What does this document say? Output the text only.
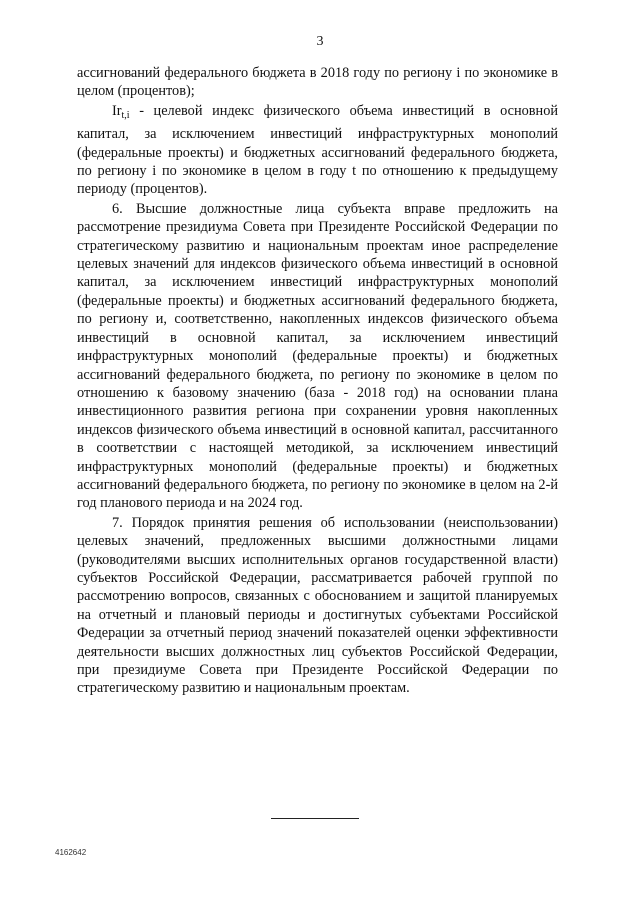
3

ассигнований федерального бюджета в 2018 году по региону i по экономике в целом (процентов);

$Ir_{t,i}$ - целевой индекс физического объема инвестиций в основной капитал, за исключением инвестиций инфраструктурных монополий (федеральные проекты) и бюджетных ассигнований федерального бюджета, по региону i по экономике в целом в году t по отношению к предыдущему периоду (процентов).

6. Высшие должностные лица субъекта вправе предложить на рассмотрение президиума Совета при Президенте Российской Федерации по стратегическому развитию и национальным проектам иное распределение целевых значений для индексов физического объема инвестиций в основной капитал, за исключением инвестиций инфраструктурных монополий (федеральные проекты) и бюджетных ассигнований федерального бюджета, по региону и, соответственно, накопленных индексов физического объема инвестиций в основной капитал, за исключением инвестиций инфраструктурных монополий (федеральные проекты) и бюджетных ассигнований федерального бюджета, по региону по экономике в целом по отношению к базовому значению (база - 2018 год) на основании плана инвестиционного развития региона при сохранении уровня накопленных индексов физического объема инвестиций в основной капитал, рассчитанного в соответствии с настоящей методикой, за исключением инвестиций инфраструктурных монополий (федеральные проекты) и бюджетных ассигнований федерального бюджета, по региону по экономике в целом на 2-й год планового периода и на 2024 год.

7. Порядок принятия решения об использовании (неиспользовании) целевых значений, предложенных высшими должностными лицами (руководителями высших исполнительных органов государственной власти) субъектов Российской Федерации, рассматривается рабочей группой по рассмотрению вопросов, связанных с обоснованием и защитой планируемых на отчетный и плановый периоды и достигнутых субъектами Российской Федерации за отчетный период значений показателей оценки эффективности деятельности высших должностных лиц субъектов Российской Федерации, при президиуме Совета при Президенте Российской Федерации по стратегическому развитию и национальным проектам.

4162642
